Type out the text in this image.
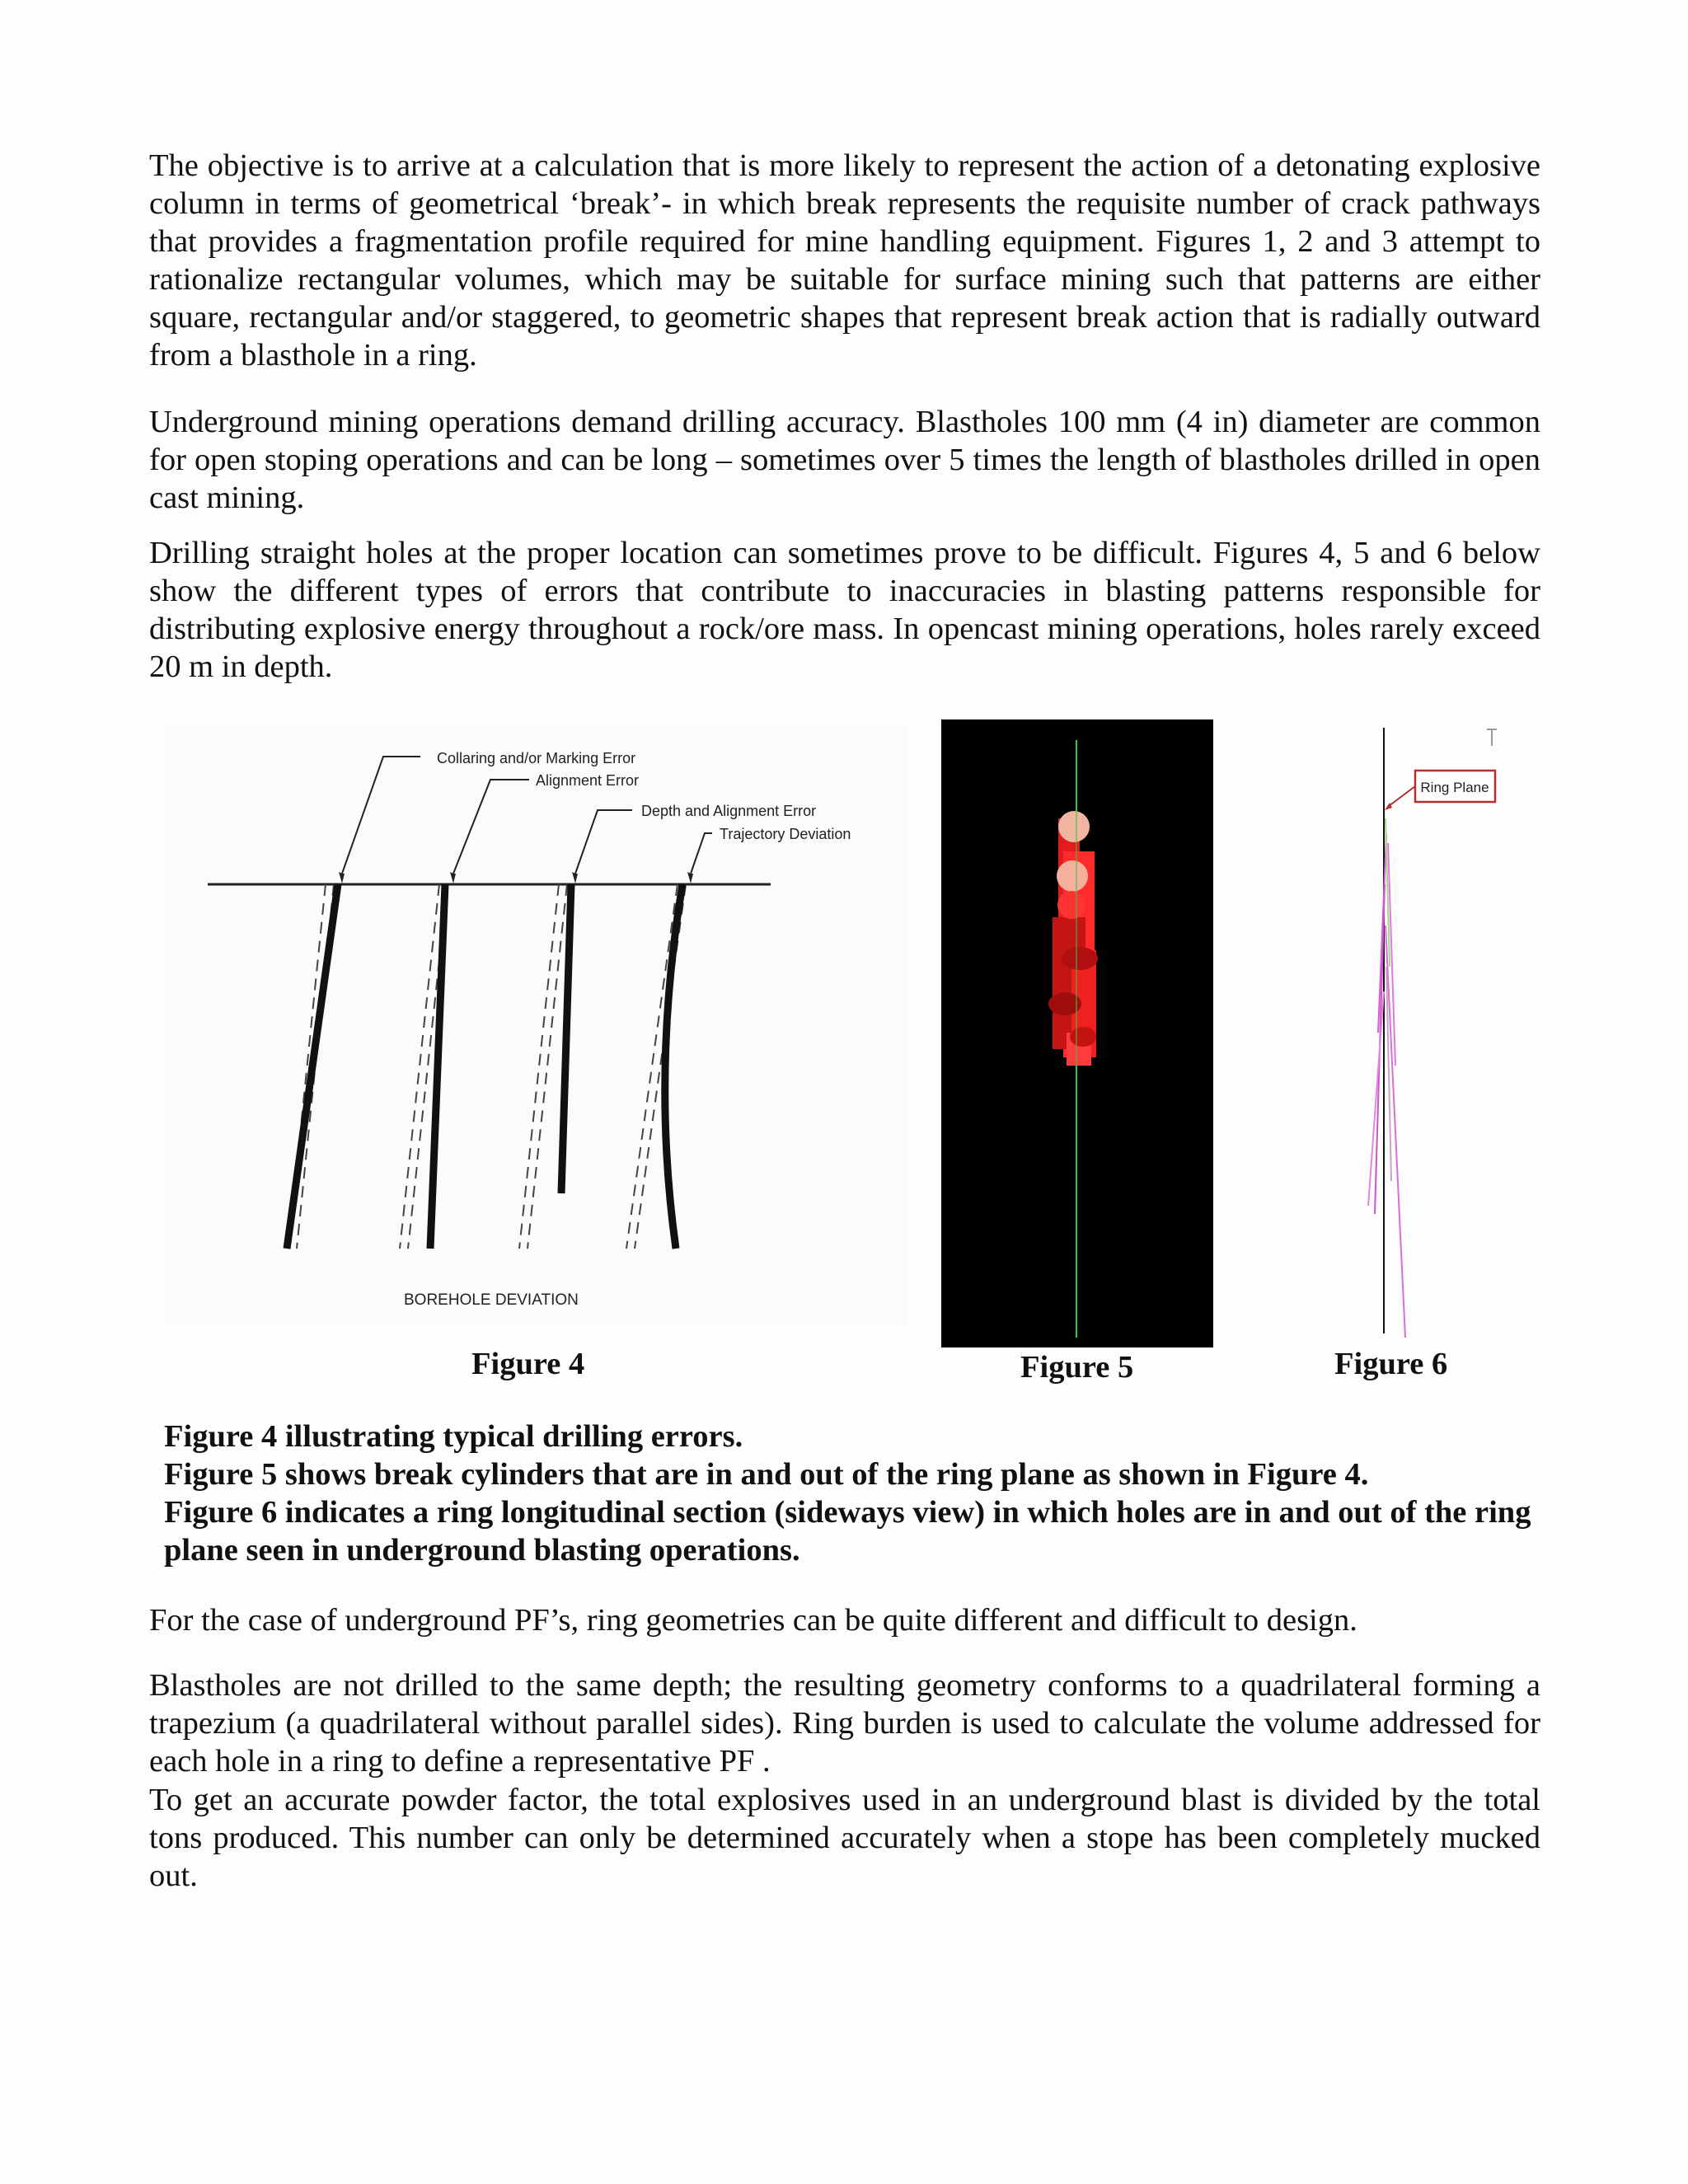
The objective is to arrive at a calculation that is more likely to represent the action of a detonating explosive column in terms of geometrical ‘break’- in which break represents the requisite number of crack pathways that provides a fragmentation profile required for mine handling equipment. Figures 1, 2 and 3 attempt to rationalize rectangular volumes, which may be suitable for surface mining such that patterns are either square, rectangular and/or staggered, to geometric shapes that represent break action that is radially outward from a blasthole in a ring.

Underground mining operations demand drilling accuracy. Blastholes 100 mm (4 in) diameter are common for open stoping operations and can be long – sometimes over 5 times the length of blastholes drilled in open cast mining.

Drilling straight holes at the proper location can sometimes prove to be difficult. Figures 4, 5 and 6 below show the different types of errors that contribute to inaccuracies in blasting patterns responsible for distributing explosive energy throughout a rock/ore mass. In opencast mining operations, holes rarely exceed 20 m in depth.

Collaring and/or Marking Error
Alignment Error
Depth and Alignment Error
Trajectory Deviation
BOREHOLE DEVIATION
Ring Plane
Figure 4	Figure 5	Figure 6
Figure 4 illustrating typical drilling errors.
Figure 5 shows break cylinders that are in and out of the ring plane as shown in Figure 4.
Figure 6 indicates a ring longitudinal section (sideways view) in which holes are in and out of the ring plane seen in underground blasting operations.

For the case of underground PF’s, ring geometries can be quite different and difficult to design.

Blastholes are not drilled to the same depth; the resulting geometry conforms to a quadrilateral forming a trapezium (a quadrilateral without parallel sides). Ring burden is used to calculate the volume addressed for each hole in a ring to define a representative PF .

To get an accurate powder factor, the total explosives used in an underground blast is divided by the total tons produced. This number can only be determined accurately when a stope has been completely mucked out.
